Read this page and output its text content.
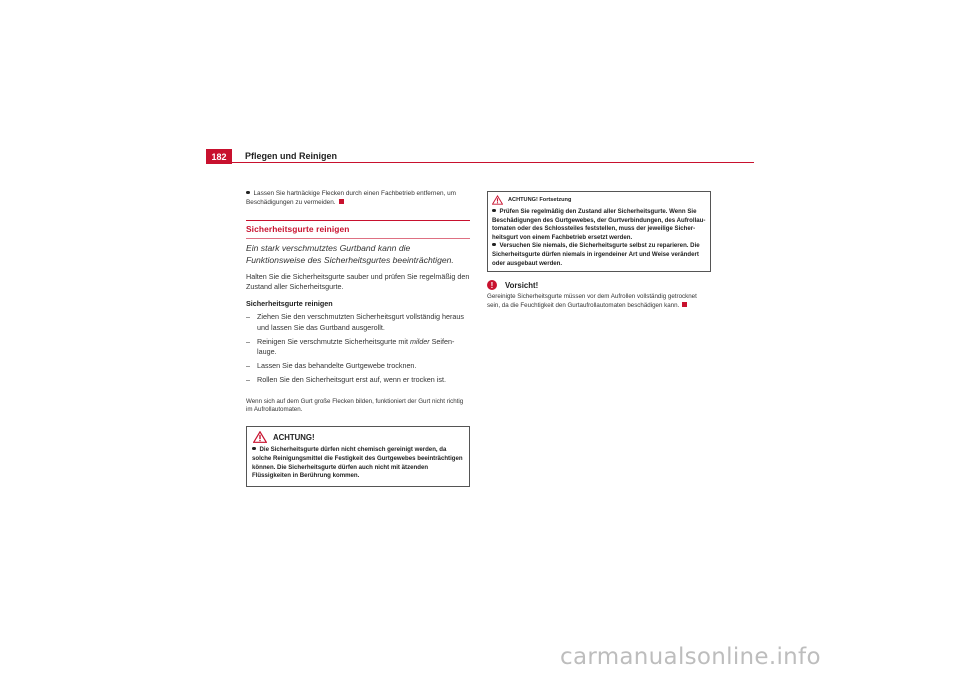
182	Pflegen und Reinigen
Lassen Sie hartnäckige Flecken durch einen Fachbetrieb entfernen, um Beschädigungen zu vermeiden.
Sicherheitsgurte reinigen
Ein stark verschmutztes Gurtband kann die Funktionsweise des Sicherheitsgurtes beeinträchtigen.
Halten Sie die Sicherheitsgurte sauber und prüfen Sie regelmäßig den Zustand aller Sicherheitsgurte.
Sicherheitsgurte reinigen
– Ziehen Sie den verschmutzten Sicherheitsgurt vollständig heraus und lassen Sie das Gurtband ausgerollt.
– Reinigen Sie verschmutzte Sicherheitsgurte mit milder Seifen-lauge.
– Lassen Sie das behandelte Gurtgewebe trocknen.
– Rollen Sie den Sicherheitsgurt erst auf, wenn er trocken ist.
Wenn sich auf dem Gurt große Flecken bilden, funktioniert der Gurt nicht richtig im Aufrollautomaten.
ACHTUNG!
Die Sicherheitsgurte dürfen nicht chemisch gereinigt werden, da solche Reinigungsmittel die Festigkeit des Gurtgewebes beeinträchtigen können. Die Sicherheitsgurte dürfen auch nicht mit ätzenden Flüssigkeiten in Berührung kommen.
ACHTUNG! Fortsetzung
Prüfen Sie regelmäßig den Zustand aller Sicherheitsgurte. Wenn Sie Beschädigungen des Gurtgewebes, der Gurtverbindungen, des Aufrollau-tomaten oder des Schlossteiles feststellen, muss der jeweilige Sicher-heitsgurt von einem Fachbetrieb ersetzt werden.
Versuchen Sie niemals, die Sicherheitsgurte selbst zu reparieren. Die Sicherheitsgurte dürfen niemals in irgendeiner Art und Weise verändert oder ausgebaut werden.
!	Vorsicht!
Gereinigte Sicherheitsgurte müssen vor dem Aufrollen vollständig getrocknet sein, da die Feuchtigkeit den Gurtaufrollautomaten beschädigen kann.
carmanualsonline.info
